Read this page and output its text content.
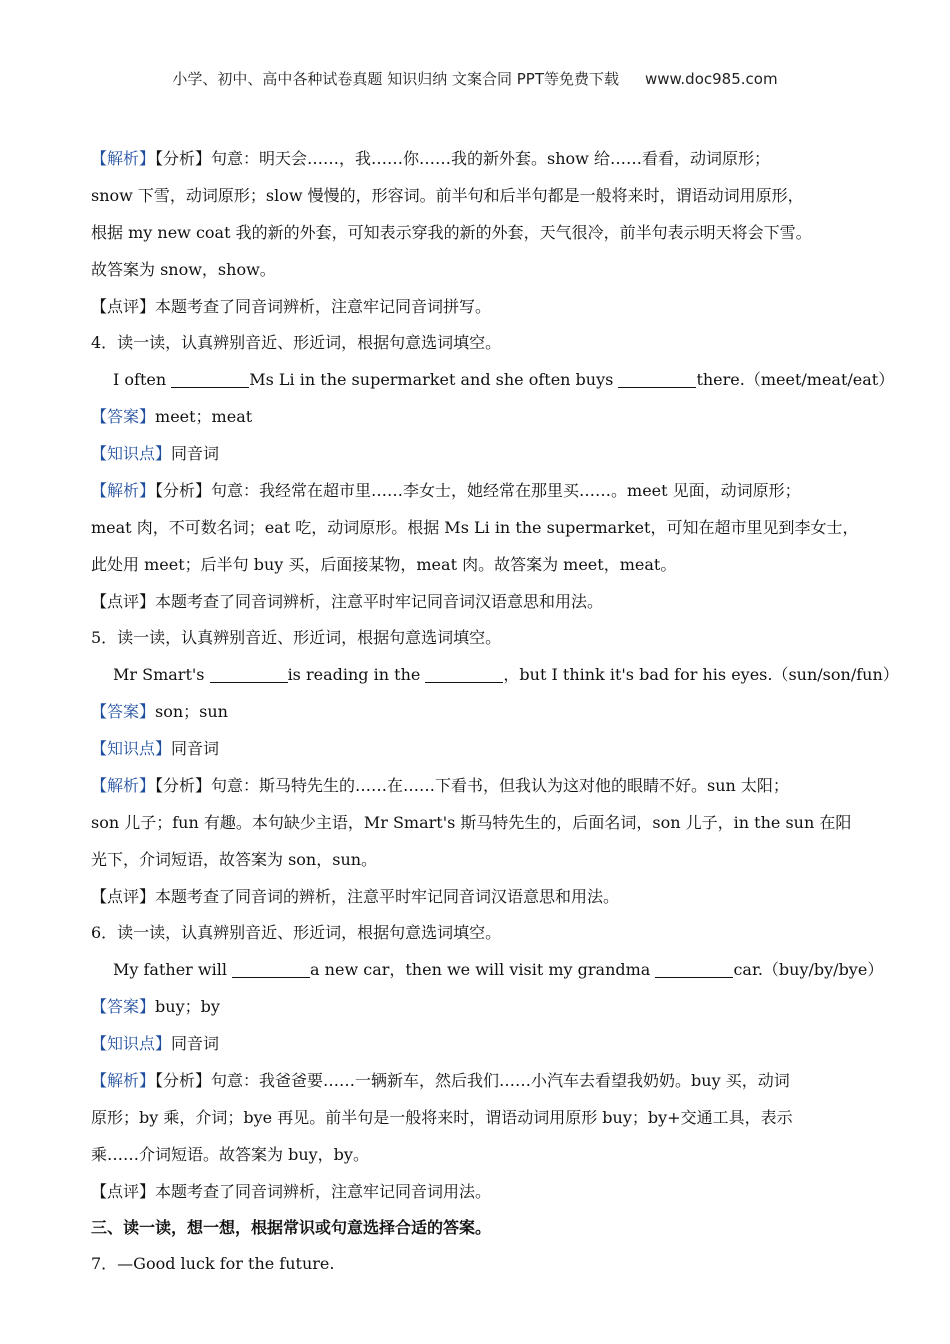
小学、初中、高中各种试卷真题 知识归纳 文案合同 PPT等免费下载 www.doc985.com
【解析】【分析】句意：明天会……，我……你……我的新外套。show 给……看看，动词原形；
snow 下雪，动词原形；slow 慢慢的，形容词。前半句和后半句都是一般将来时，谓语动词用原形，
根据 my new coat 我的新的外套，可知表示穿我的新的外套，天气很冷，前半句表示明天将会下雪。
故答案为 snow，show。
【点评】本题考查了同音词辨析，注意牢记同音词拼写。
4．读一读，认真辨别音近、形近词，根据句意选词填空。
I often	Ms Li in the supermarket and she often buys	there.（meet/meat/eat）
【答案】meet；meat
【知识点】同音词
【解析】【分析】句意：我经常在超市里……李女士，她经常在那里买……。meet 见面，动词原形；
meat 肉，不可数名词；eat 吃，动词原形。根据 Ms Li in the supermarket，可知在超市里见到李女士，
此处用 meet；后半句 buy 买，后面接某物，meat 肉。故答案为 meet，meat。
【点评】本题考查了同音词辨析，注意平时牢记同音词汉语意思和用法。
5．读一读，认真辨别音近、形近词，根据句意选词填空。
Mr Smart's	is reading in the	，but I think it's bad for his eyes.（sun/son/fun）
【答案】son；sun
【知识点】同音词
【解析】【分析】句意：斯马特先生的……在……下看书，但我认为这对他的眼睛不好。sun 太阳；
son 儿子；fun 有趣。本句缺少主语，Mr Smart's 斯马特先生的，后面名词，son 儿子，in the sun 在阳
光下，介词短语，故答案为 son，sun。
【点评】本题考查了同音词的辨析，注意平时牢记同音词汉语意思和用法。
6．读一读，认真辨别音近、形近词，根据句意选词填空。
My father will	a new car，then we will visit my grandma	car.（buy/by/bye）
【答案】buy；by
【知识点】同音词
【解析】【分析】句意：我爸爸要……一辆新车，然后我们……小汽车去看望我奶奶。buy 买，动词
原形；by 乘，介词；bye 再见。前半句是一般将来时，谓语动词用原形 buy；by+交通工具，表示
乘……介词短语。故答案为 buy，by。
【点评】本题考查了同音词辨析，注意牢记同音词用法。
三、读一读，想一想，根据常识或句意选择合适的答案。
7．—Good luck for the future.
